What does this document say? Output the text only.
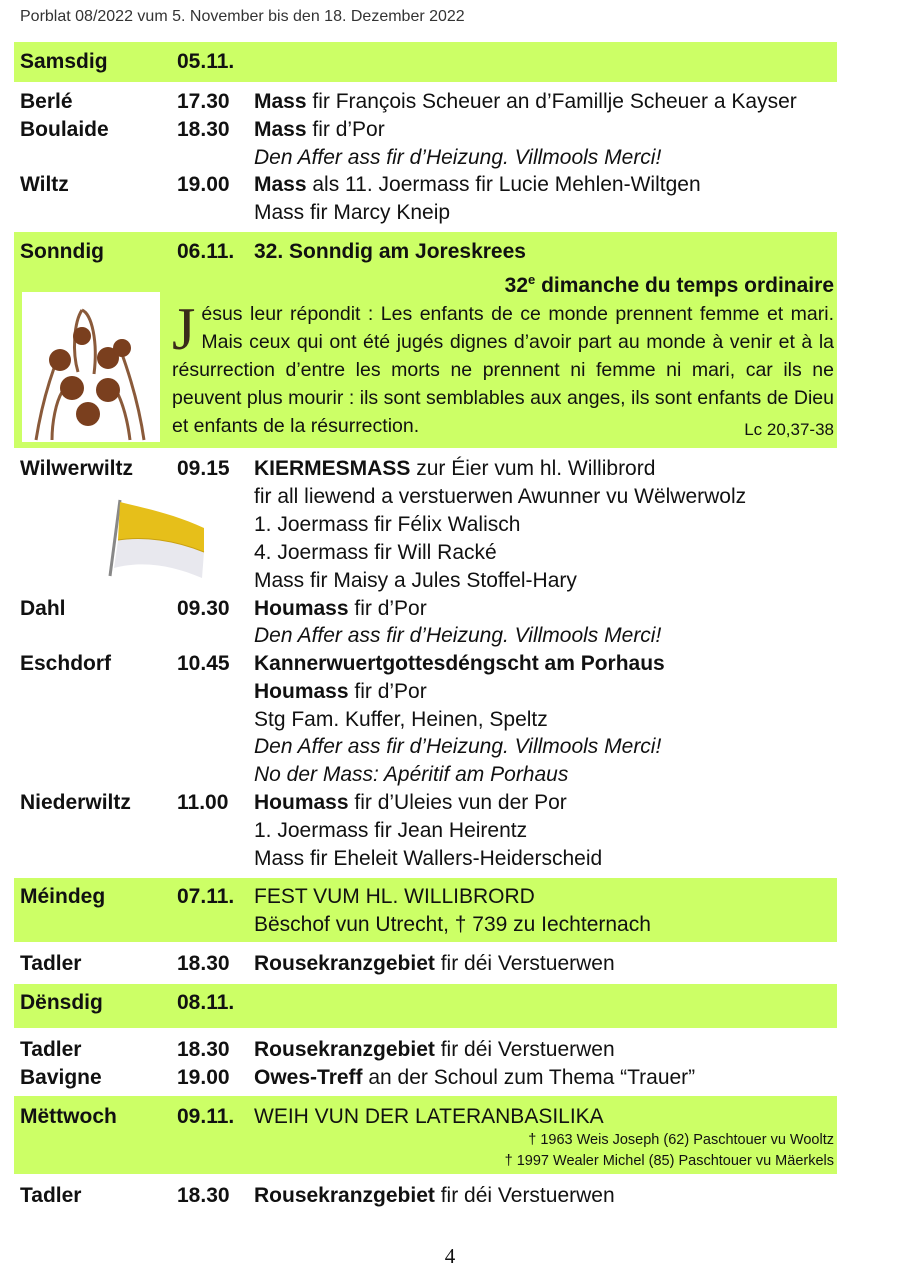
Porblat 08/2022 vum 5. November bis den 18. Dezember 2022
Samsdig	05.11.
Berlé	17.30 Mass fir François Scheuer an d’Familljе Scheuer a Kayser
Boulaide	18.30 Mass fir d’Por
Den Affer ass fir d’Heizung. Villmools Merci!
Wiltz	19.00 Mass als 11. Joermass fir Lucie Mehlen-Wiltgen
Mass fir Marcy Kneip
Sonndig	06.11. 32. Sonndig am Joreskrees
32e dimanche du temps ordinaire
Jésus leur répondit : Les enfants de ce monde prennent femme et mari. Mais ceux qui ont été jugés dignes d’avoir part au monde à venir et à la résurrection d’entre les morts ne prennent ni femme ni mari, car ils ne peuvent plus mourir : ils sont semblables aux anges, ils sont enfants de Dieu et enfants de la résurrection.	Lc 20,37-38
Wilwerwiltz 09.15 KIERMESMASS zur Éier vum hl. Willibrord
fir all liewend a verstuerwen Awunner vu Wëlwerwolz
1. Joermass fir Félix Walisch
4. Joermass fir Will Racké
Mass fir Maisy a Jules Stoffel-Hary
Dahl	09.30 Houmass fir d’Por
Den Affer ass fir d’Heizung. Villmools Merci!
Eschdorf	10.45 Kannerwuertgottesdéngscht am Porhaus
Houmass fir d’Por
Stg Fam. Kuffer, Heinen, Speltz
Den Affer ass fir d’Heizung. Villmools Merci!
No der Mass: Apéritif am Porhaus
Niederwiltz 11.00 Houmass fir d’Uleies vun der Por
1. Joermass fir Jean Heirentz
Mass fir Eheleit Wallers-Heiderscheid
Méindeg	07.11. FEST VUM HL. WILLIBRORD
Bëschof vun Utrecht, † 739 zu Iechternach
Tadler	18.30 Rousekranzgebiet fir déi Verstuerwen
Dënsdig	08.11.
Tadler	18.30 Rousekranzgebiet fir déi Verstuerwen
Bavigne	19.00 Owes-Treff an der Schoul zum Thema “Trauer”
Mëttwoch	09.11. WEIH VUN DER LATERANBASILIKA
† 1963 Weis Joseph (62) Paschtouer vu Wooltz
† 1997 Wealer Michel (85) Paschtouer vu Mäerkels
Tadler	18.30 Rousekranzgebiet fir déi Verstuerwen
4
